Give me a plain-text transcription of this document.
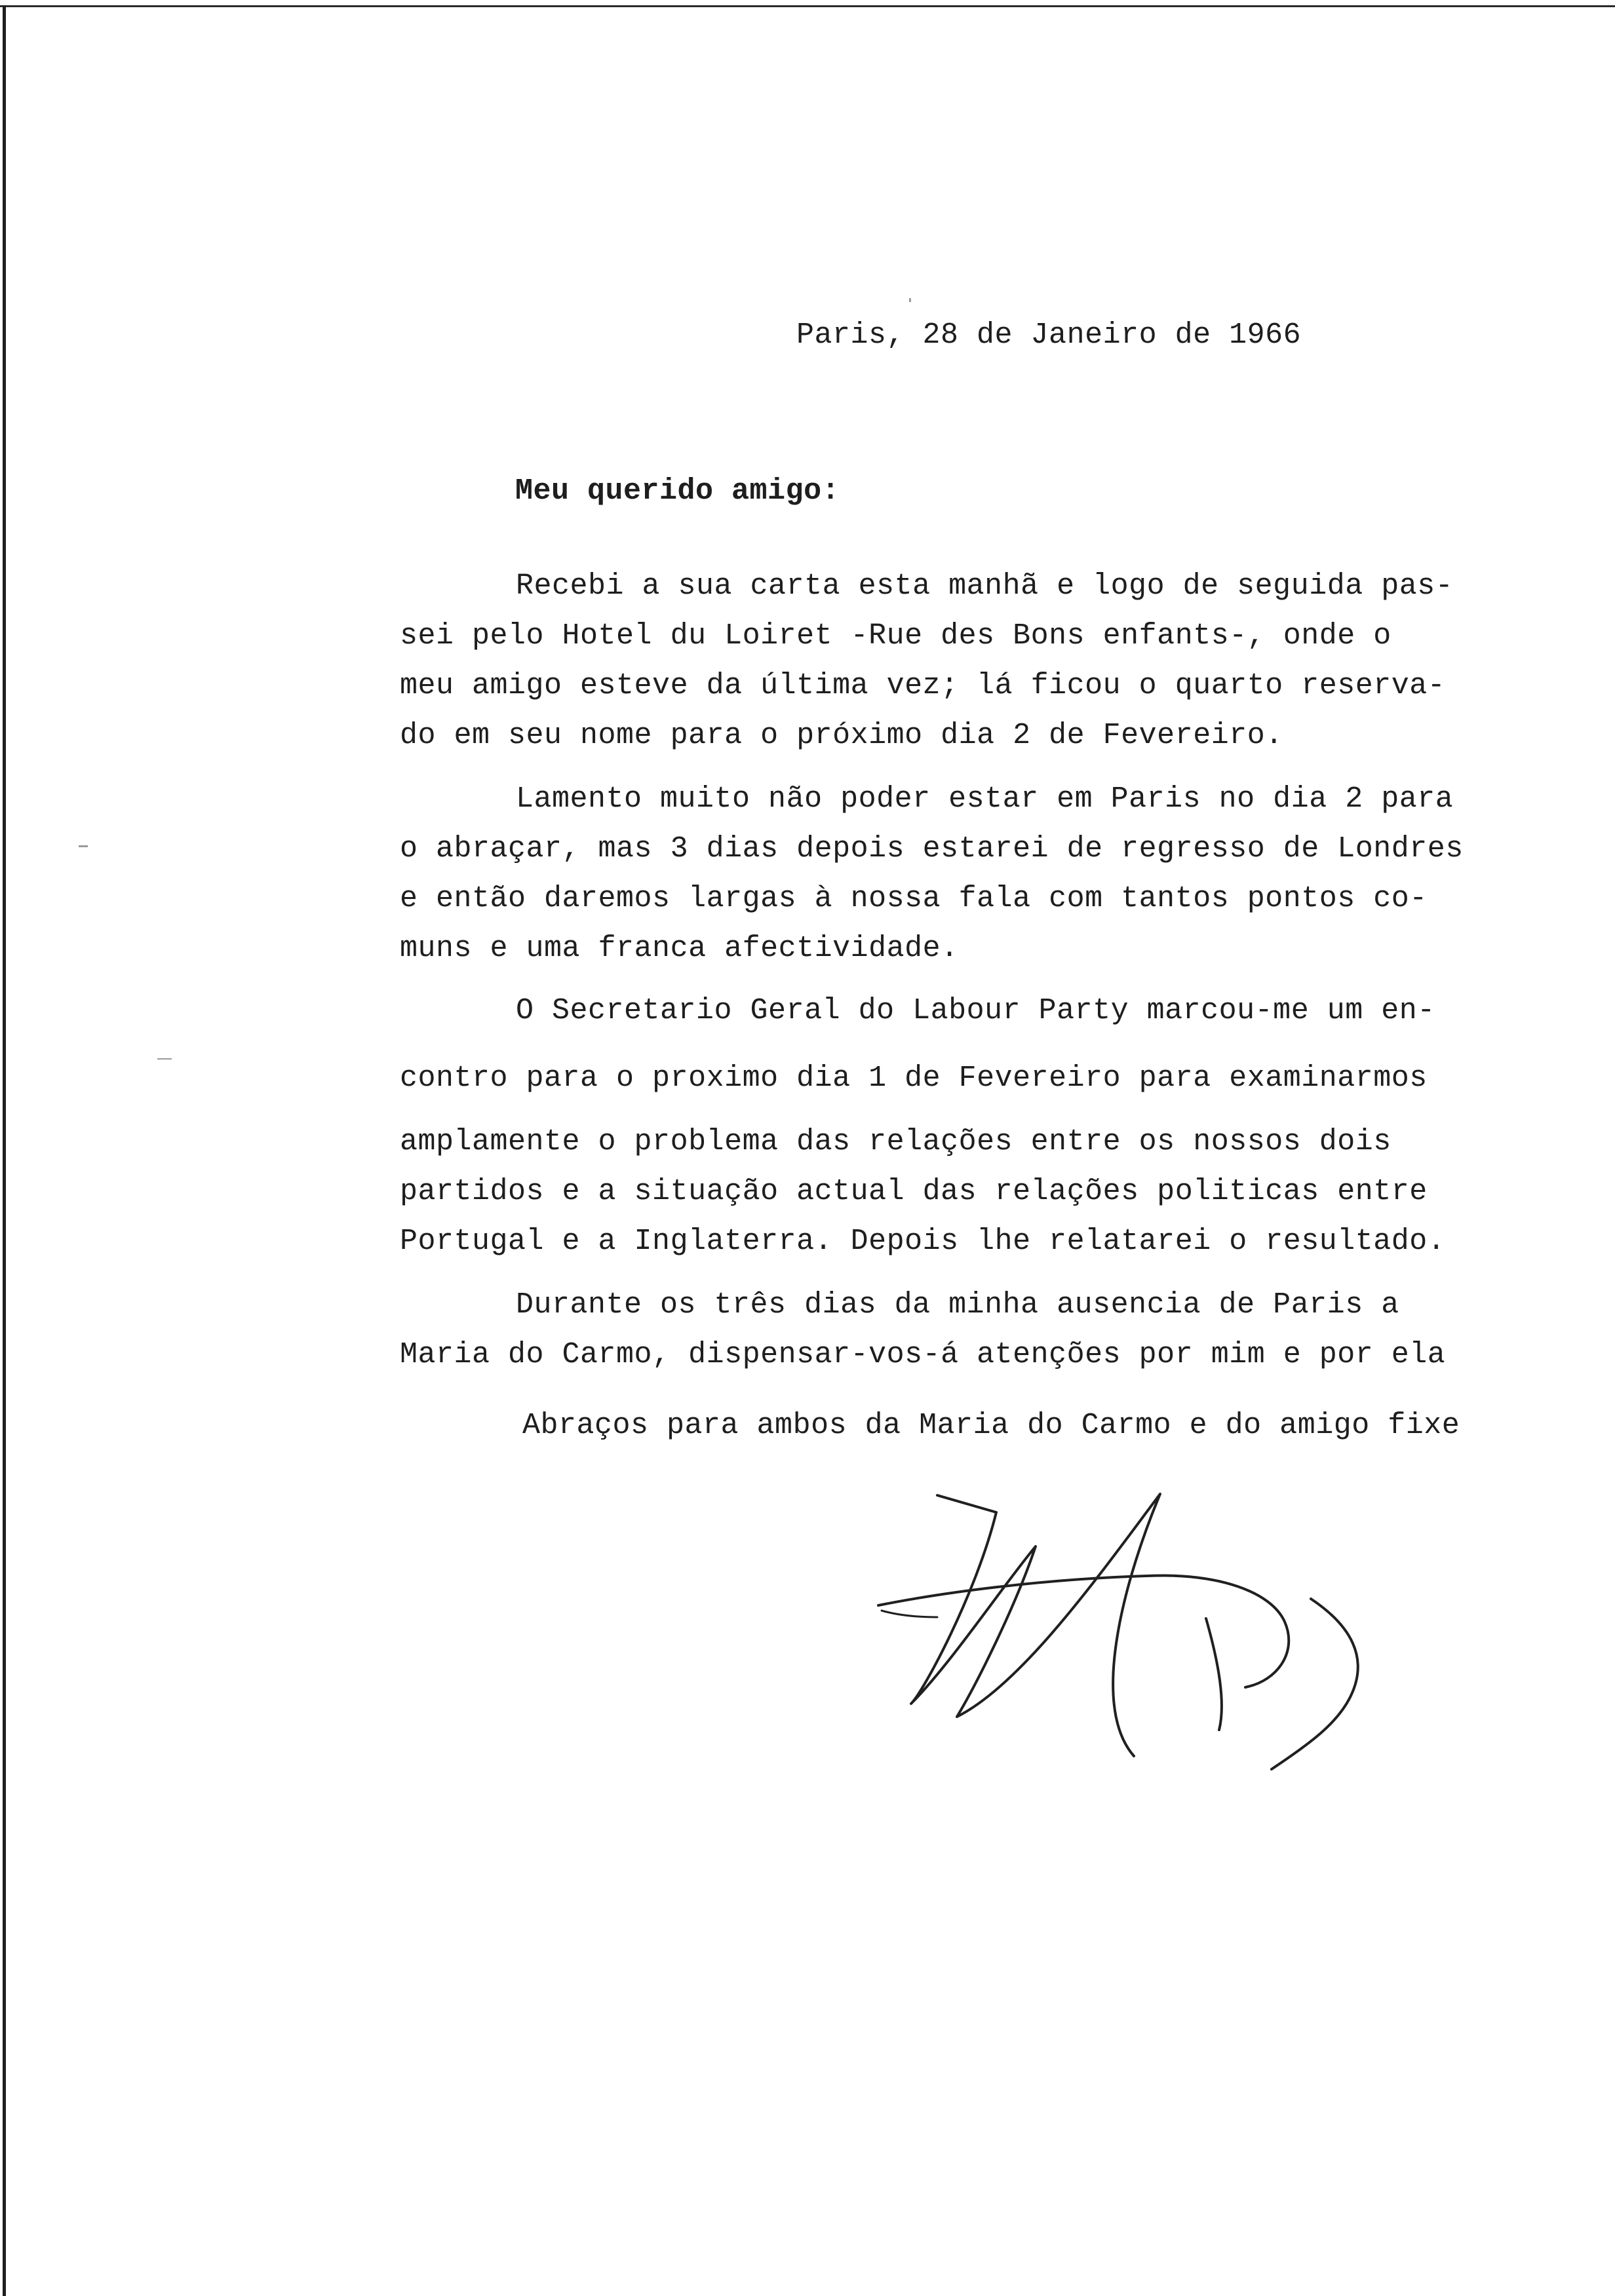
Paris, 28 de Janeiro de 1966
Meu querido amigo:
Recebi a sua carta esta manhã e logo de seguida pas-
sei pelo Hotel du Loiret -Rue des Bons enfants-, onde o
meu amigo esteve da última vez; lá ficou o quarto reserva-
do em seu nome para o próximo dia 2 de Fevereiro.
Lamento muito não poder estar em Paris no dia 2 para
o abraçar, mas 3 dias depois estarei de regresso de Londres
e então daremos largas à nossa fala com tantos pontos co-
muns e uma franca afectividade.
O Secretario Geral do Labour Party marcou-me um en-
contro para o proximo dia 1 de Fevereiro para examinarmos
amplamente o problema das relações entre os nossos dois
partidos e a situação actual das relações politicas entre
Portugal e a Inglaterra. Depois lhe relatarei o resultado.
Durante os três dias da minha ausencia de Paris a
Maria do Carmo, dispensar-vos-á atenções por mim e por ela
Abraços para ambos da Maria do Carmo e do amigo fixe
